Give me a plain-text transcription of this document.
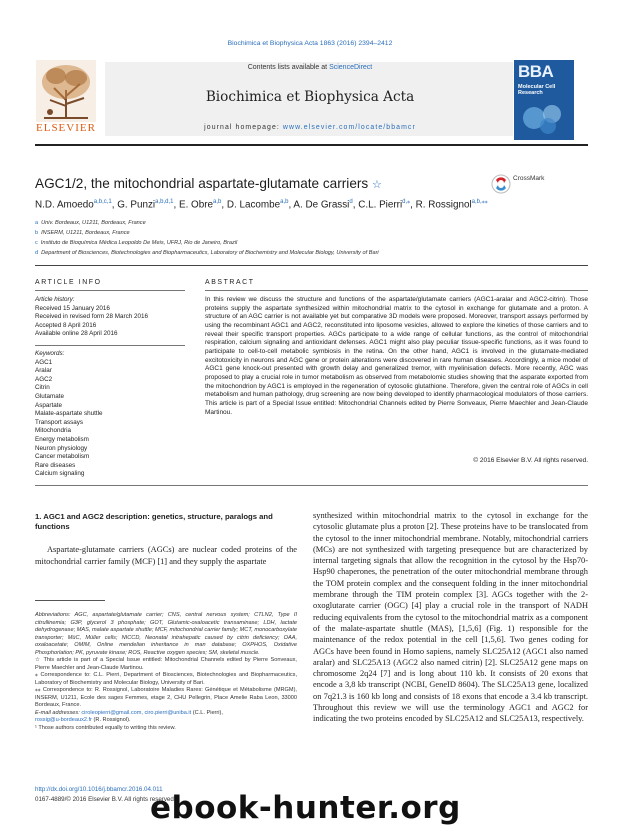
Biochimica et Biophysica Acta 1863 (2016) 2394–2412
ELSEVIER
Contents lists available at ScienceDirect
Biochimica et Biophysica Acta
journal homepage: www.elsevier.com/locate/bbamcr
BBA
Molecular Cell Research
AGC1/2, the mitochondrial aspartate-glutamate carriers ☆
CrossMark
N.D. Amoedo$^{a,b,c,1}$, G. Punzi$^{a,b,d,1}$, E. Obre$^{a,b}$, D. Lacombe$^{a,b}$, A. De Grassi$^d$, C.L. Pierri$^{d,⁎}$, R. Rossignol$^{a,b,⁎⁎}$
a Univ. Bordeaux, U1211, Bordeaux, France
b INSERM, U1211, Bordeaux, France
c Instituto de Bioquímica Médica Leopoldo De Meis, UFRJ, Rio de Janeiro, Brazil
d Department of Biosciences, Biotechnologies and Biopharmaceutics, Laboratory of Biochemistry and Molecular Biology, University of Bari
ARTICLE INFO
Article history:
Received 15 January 2016
Received in revised form 28 March 2016
Accepted 8 April 2016
Available online 28 April 2016
Keywords:
AGC1
Aralar
AGC2
Citrin
Glutamate
Aspartate
Malate-aspartate shuttle
Transport assays
Mitochondria
Energy metabolism
Neuron physiology
Cancer metabolism
Rare diseases
Calcium signaling
ABSTRACT
In this review we discuss the structure and functions of the aspartate/glutamate carriers (AGC1-aralar and AGC2-citrin). Those proteins supply the aspartate synthesized within mitochondrial matrix to the cytosol in exchange for glutamate and a proton. A structure of an AGC carrier is not available yet but comparative 3D models were proposed. Moreover, transport assays performed by using the recombinant AGC1 and AGC2, reconstituted into liposome vesicles, allowed to explore the kinetics of those carriers and to reveal their specific transport properties. AGCs participate to a wide range of cellular functions, as the control of mitochondrial respiration, calcium signaling and antioxidant defenses. AGC1 might also play peculiar tissue-specific functions, as it was found to participate to cell-to-cell metabolic symbiosis in the retina. On the other hand, AGC1 is involved in the glutamate-mediated excitotoxicity in neurons and AGC gene or protein alterations were discovered in rare human diseases. Accordingly, a mice model of AGC1 gene knock-out presented with growth delay and generalized tremor, with myelinisation defects. More recently, AGC was proposed to play a crucial role in tumor metabolism as observed from metabolomic studies showing that the asparate exported from the mitochondrion by AGC1 is employed in the regeneration of cytosolic glutathione. Therefore, given the central role of AGCs in cell metabolism and human pathology, drug screening are now being developed to identify pharmacological modulators of those carriers. This article is part of a Special Issue entitled: Mitochondrial Channels edited by Pierre Sonveaux, Pierre Maechler and Jean-Claude Martinou.
© 2016 Elsevier B.V. All rights reserved.
1. AGC1 and AGC2 description: genetics, structure, paralogs and functions
Aspartate-glutamate carriers (AGCs) are nuclear coded proteins of the mitochondrial carrier family (MCF) [1] and they supply the aspartate
synthesized within mitochondrial matrix to the cytosol in exchange for the cytosolic glutamate plus a proton [2]. These proteins have to be translocated from the cytosol to the inner mitochondrial membrane. Notably, mitochondrial carriers (MCs) are not synthesized with targeting presequence but are characterized by internal targeting signals that allow the recognition in the cytosol by the Hsp70-Hsp90 chaperones, the penetration of the outer mitochondrial membrane through the TOM protein complex and the consequent folding in the inner mitochondrial membrane through the TIM protein complex [3]. AGCs together with the 2-oxoglutarate carrier (OGC) [4] play a crucial role in the transport of NADH reducing equivalents from the cytosol to the mitochondrial matrix as a component of the malate-aspartate shuttle (MAS), [1,5,6] (Fig. 1) responsible for the maintenance of the redox potential in the cell [1,5,6]. Two genes coding for AGCs have been found in Homo sapiens, namely SLC25A12 (AGC1 also named aralar) and SLC25A13 (AGC2 also named citrin) [2]. SLC25A12 gene maps on chromosome 2q24 [7] and is long about 110 kb. It consists of 20 exons that encode a 3,8 kb transcript (NCBI, GeneID 8604). The SLC25A13 gene, localized on 7q21.3 is 160 kb long and consists of 18 exons that encode a 3.4 kb transcript. Throughout this review we will use the terminology AGC1 and AGC2 for indicating the two proteins encoded by SLC25A12 and SLC25A13, respectively.

Abbreviations: AGC, aspartate/glutamate carrier; CNS, central nervous system; CTLN2, Type II citrullinemia; G3P, glycerol 3 phosphate; GOT, Glutamic-oxaloacetic transaminase; LDH, lactate dehydrogenase; MAS, malate aspartate shuttle; MCF, mitochondrial carrier family; MCT, monocarboxylate transporter; MüC, Müller cells; NICCD, Neonatal intrahepatic caused by citrin deficiency; OAA, oxaloacetate; OMIM, Online mendelian inheritance in man database; OXPHOS, Oxidative Phosphorlation; PK, pyruvate kinase; ROS, Reactive oxygen species; SM, skeletal muscle.

☆ This article is part of a Special Issue entitled: Mitochondrial Channels edited by Pierre Sonveaux, Pierre Maechler and Jean-Claude Martinou.

⁎ Correspondence to: C.L. Pierri, Department of Biosciences, Biotechnologies and Biopharmaceutics, Laboratory of Biochemistry and Molecular Biology, University of Bari.

⁎⁎ Correspondence to: R. Rossignol, Laboratoire Maladies Rares: Génétique et Métabolisme (MRGM), INSERM, U1211, Ecole des sages Femmes, etage 2, CHU Pellegrin, Place Amelie Raba Leon, 33000 Bordeaux, France.

E-mail addresses: ciroleopierri@gmail.com, ciro.pierri@uniba.it (C.L. Pierri),
rossig@u-bordeaux2.fr (R. Rossignol).

¹ Those authors contributed equally to writing this review.

http://dx.doi.org/10.1016/j.bbamcr.2016.04.011
0167-4889/© 2016 Elsevier B.V. All rights reserved.
ebook-hunter.org
